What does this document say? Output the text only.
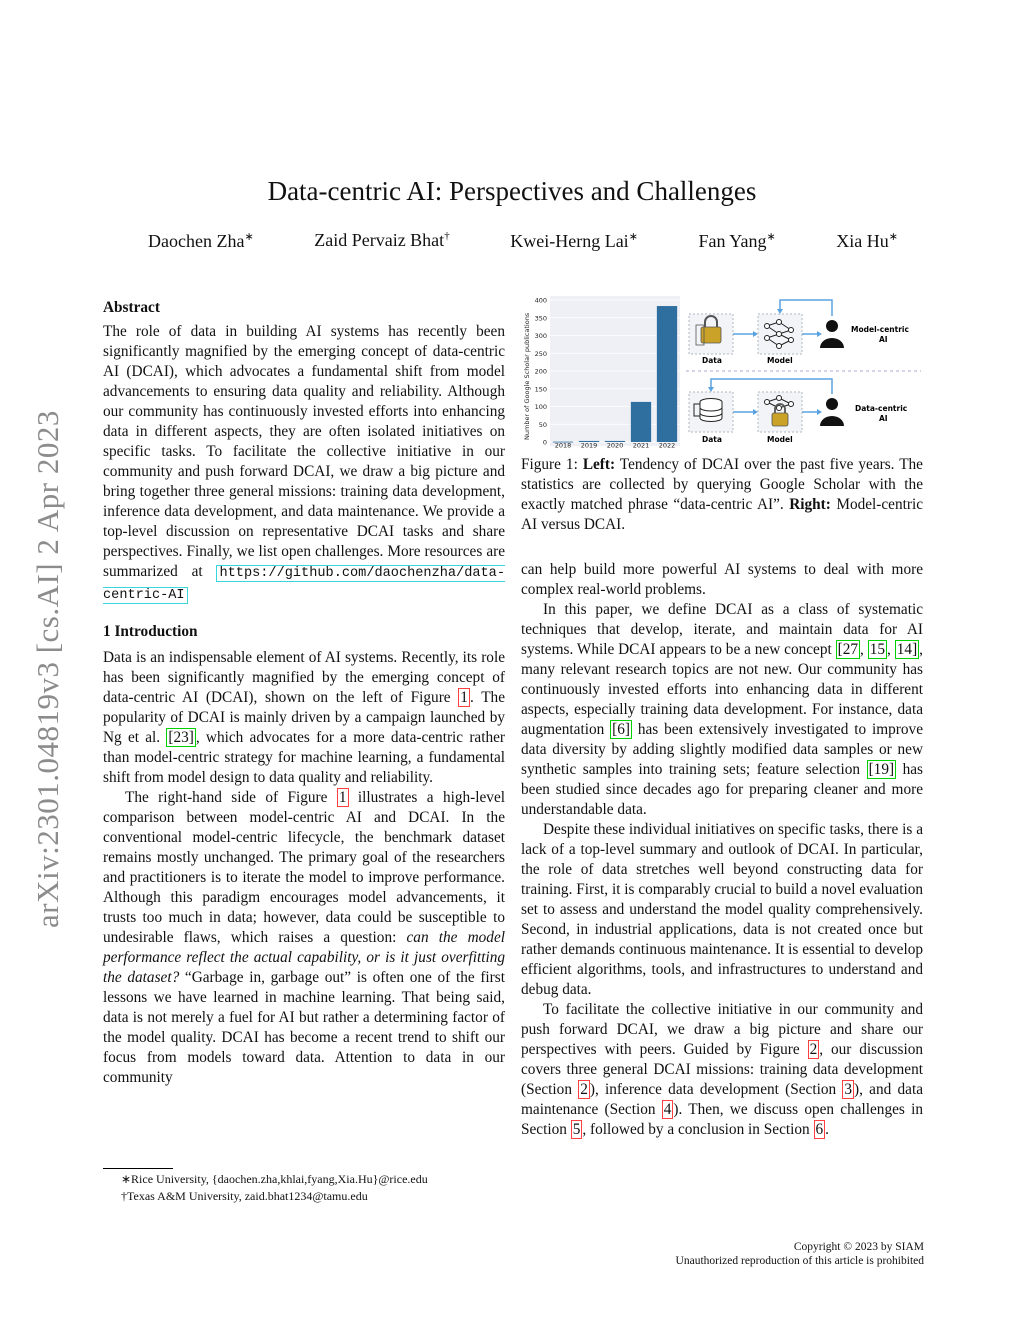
arXiv:2301.04819v3 [cs.AI] 2 Apr 2023
Data-centric AI: Perspectives and Challenges
Daochen Zha∗	Zaid Pervaiz Bhat†	Kwei-Herng Lai∗	Fan Yang∗	Xia Hu∗
Abstract

The role of data in building AI systems has recently been significantly magnified by the emerging concept of data-centric AI (DCAI), which advocates a fundamental shift from model advancements to ensuring data quality and reliability. Although our community has continuously invested efforts into enhancing data in different aspects, they are often isolated initiatives on specific tasks. To facilitate the collective initiative in our community and push forward DCAI, we draw a big picture and bring together three general missions: training data development, inference data development, and data maintenance. We provide a top-level discussion on representative DCAI tasks and share perspectives. Finally, we list open challenges. More resources are summarized at https://github.com/daochenzha/data-centric-AI

1 Introduction

Data is an indispensable element of AI systems. Recently, its role has been significantly magnified by the emerging concept of data-centric AI (DCAI), shown on the left of Figure 1 . The popularity of DCAI is mainly driven by a campaign launched by Ng et al. [23] , which advocates for a more data-centric rather than model-centric strategy for machine learning, a fundamental shift from model design to data quality and reliability.

The right-hand side of Figure 1 illustrates a high-level comparison between model-centric AI and DCAI. In the conventional model-centric lifecycle, the benchmark dataset remains mostly unchanged. The primary goal of the researchers and practitioners is to iterate the model to improve performance. Although this paradigm encourages model advancements, it trusts too much in data; however, data could be susceptible to undesirable flaws, which raises a question: can the model performance reflect the actual capability, or is it just overfitting the dataset? “Garbage in, garbage out” is often one of the first lessons we have learned in machine learning. That being said, data is not merely a fuel for AI but rather a determining factor of the model quality. DCAI has become a recent trend to shift our focus from models toward data. Attention to data in our community

∗Rice University, {daochen.zha,khlai,fyang,Xia.Hu}@rice.edu
†Texas A&M University, zaid.bhat1234@tamu.edu
0
50
100
150
200
250
300
350
400
2018 2019 2020 2021 2022
Number of Google Scholar publications	Data	Model
Model-centric
AI
Data	Model
Data-centric
AI
Figure 1: Left: Tendency of DCAI over the past five years. The statistics are collected by querying Google Scholar with the exactly matched phrase “data-centric AI”. Right: Model-centric AI versus DCAI.

can help build more powerful AI systems to deal with more complex real-world problems.

In this paper, we define DCAI as a class of systematic techniques that develop, iterate, and maintain data for AI systems. While DCAI appears to be a new concept [27 , 15 , 14] , many relevant research topics are not new. Our community has continuously invested efforts into enhancing data in different aspects, especially training data development. For instance, data augmentation [6] has been extensively investigated to improve data diversity by adding slightly modified data samples or new synthetic samples into training sets; feature selection [19] has been studied since decades ago for preparing cleaner and more understandable data.

Despite these individual initiatives on specific tasks, there is a lack of a top-level summary and outlook of DCAI. In particular, the role of data stretches well beyond constructing data for training. First, it is comparably crucial to build a novel evaluation set to assess and understand the model quality comprehensively. Second, in industrial applications, data is not created once but rather demands continuous maintenance. It is essential to develop efficient algorithms, tools, and infrastructures to understand and debug data.

To facilitate the collective initiative in our community and push forward DCAI, we draw a big picture and share our perspectives with peers. Guided by Figure 2 , our discussion covers three general DCAI missions: training data development (Section 2 ), inference data development (Section 3 ), and data maintenance (Section 4 ). Then, we discuss open challenges in Section 5 , followed by a conclusion in Section 6 .

Copyright © 2023 by SIAM
Unauthorized reproduction of this article is prohibited
